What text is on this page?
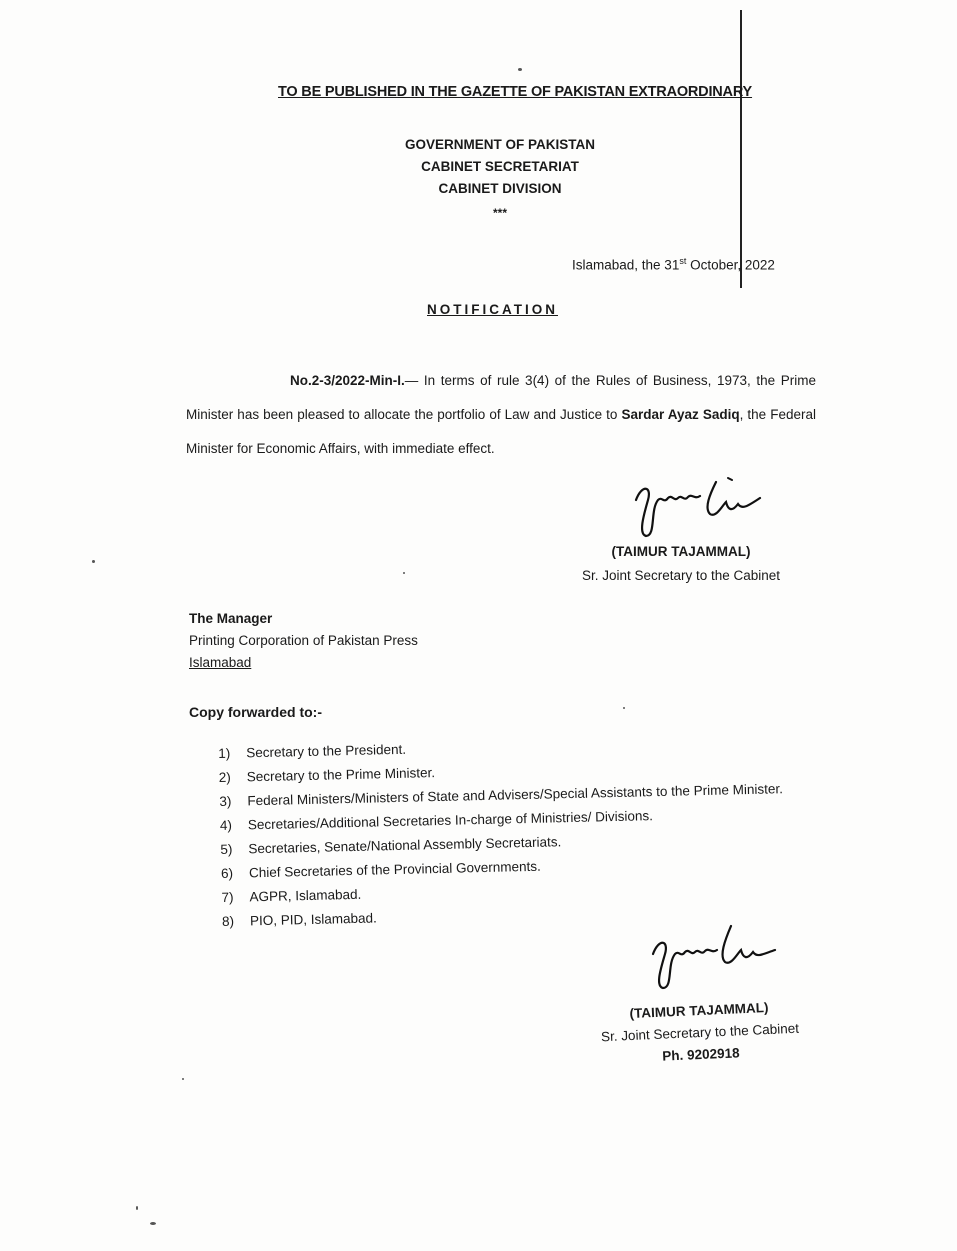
TO BE PUBLISHED IN THE GAZETTE OF PAKISTAN EXTRAORDINARY
GOVERNMENT OF PAKISTAN
CABINET SECRETARIAT
CABINET DIVISION
***
Islamabad, the 31st October, 2022
NOTIFICATION
No.2-3/2022-Min-I.— In terms of rule 3(4) of the Rules of Business, 1973, the Prime Minister has been pleased to allocate the portfolio of Law and Justice to Sardar Ayaz Sadiq, the Federal Minister for Economic Affairs, with immediate effect.
(TAIMUR TAJAMMAL)
Sr. Joint Secretary to the Cabinet
The Manager
Printing Corporation of Pakistan Press
Islamabad
Copy forwarded to:-
1)	Secretary to the President.
2)	Secretary to the Prime Minister.
3)	Federal Ministers/Ministers of State and Advisers/Special Assistants to the Prime Minister.
4)	Secretaries/Additional Secretaries In-charge of Ministries/ Divisions.
5)	Secretaries, Senate/National Assembly Secretariats.
6)	Chief Secretaries of the Provincial Governments.
7)	AGPR, Islamabad.
8)	PIO, PID, Islamabad.
(TAIMUR TAJAMMAL)
Sr. Joint Secretary to the Cabinet
Ph. 9202918
